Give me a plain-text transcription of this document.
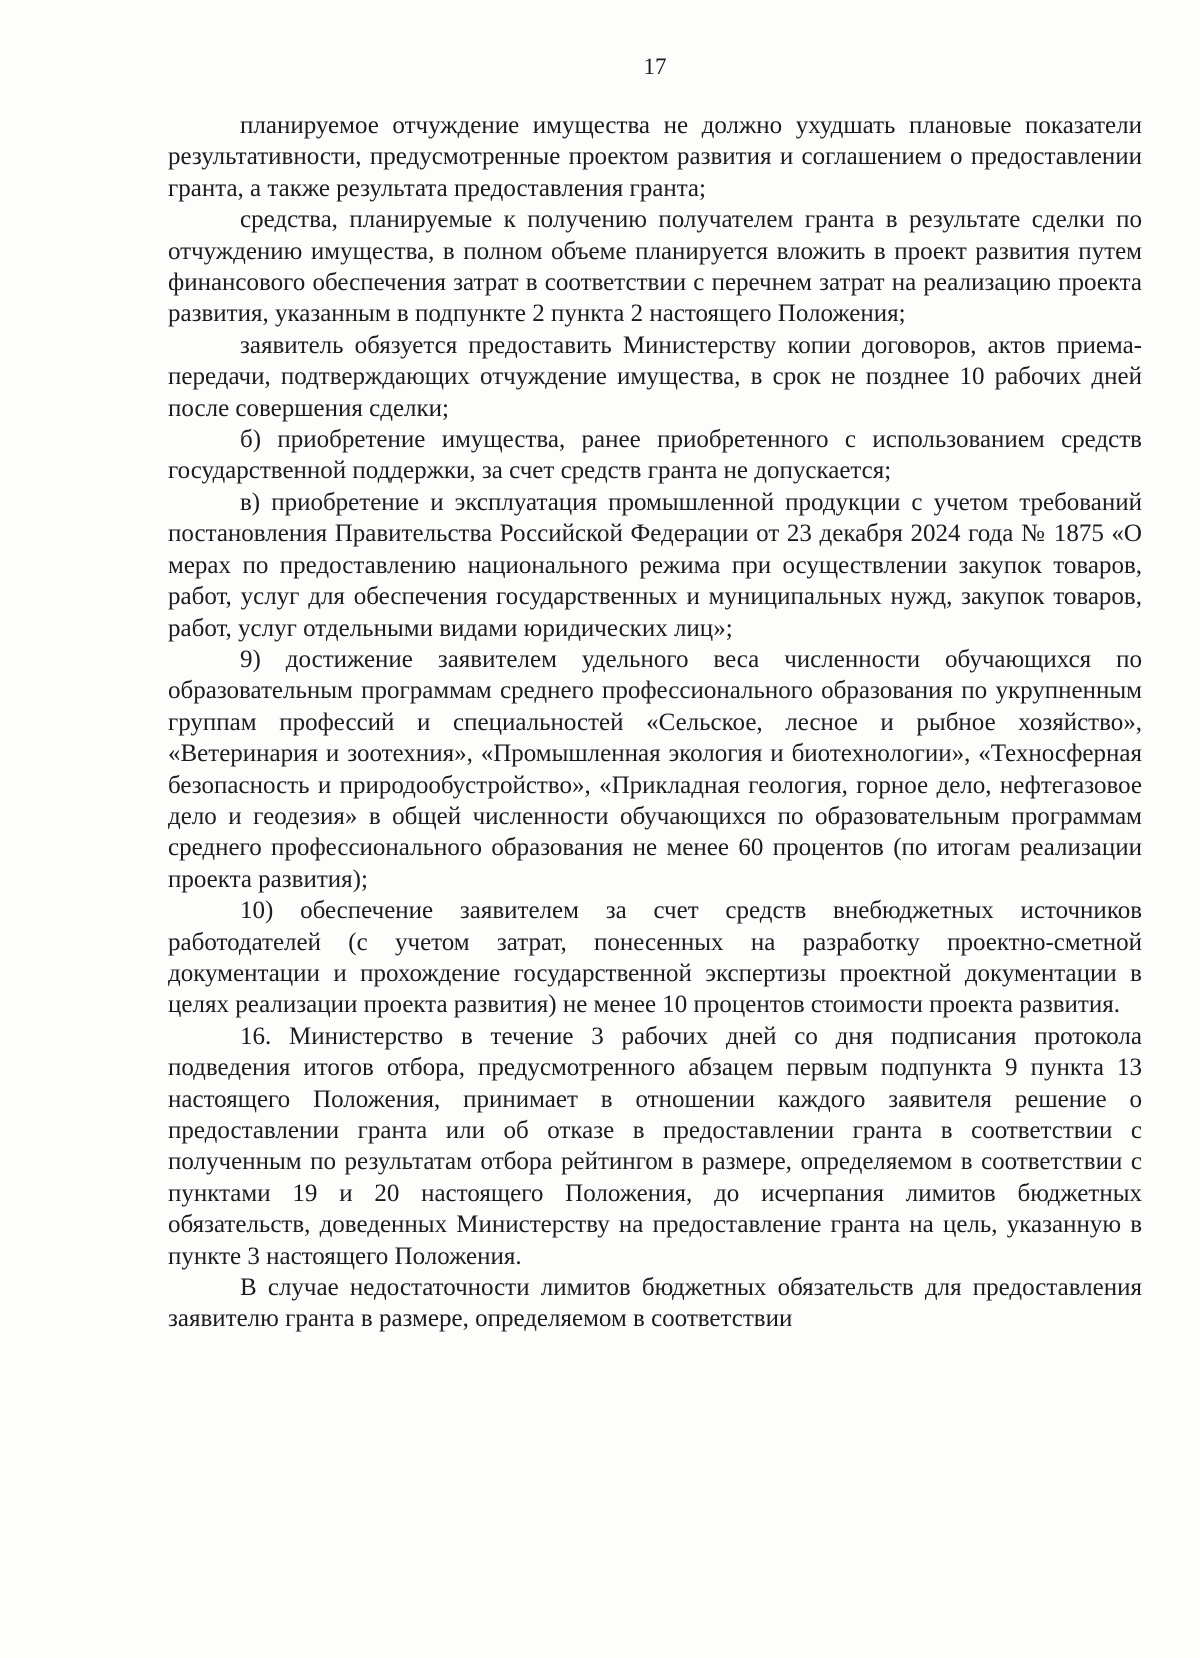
17

планируемое отчуждение имущества не должно ухудшать плановые показатели результативности, предусмотренные проектом развития и соглашением о предоставлении гранта, а также результата предоставления гранта;

средства, планируемые к получению получателем гранта в результате сделки по отчуждению имущества, в полном объеме планируется вложить в проект развития путем финансового обеспечения затрат в соответствии с перечнем затрат на реализацию проекта развития, указанным в подпункте 2 пункта 2 настоящего Положения;

заявитель обязуется предоставить Министерству копии договоров, актов приема-передачи, подтверждающих отчуждение имущества, в срок не позднее 10 рабочих дней после совершения сделки;

б) приобретение имущества, ранее приобретенного с использованием средств государственной поддержки, за счет средств гранта не допускается;

в) приобретение и эксплуатация промышленной продукции с учетом требований постановления Правительства Российской Федерации от 23 декабря 2024 года № 1875 «О мерах по предоставлению национального режима при осуществлении закупок товаров, работ, услуг для обеспечения государственных и муниципальных нужд, закупок товаров, работ, услуг отдельными видами юридических лиц»;

9) достижение заявителем удельного веса численности обучающихся по образовательным программам среднего профессионального образования по укрупненным группам профессий и специальностей «Сельское, лесное и рыбное хозяйство», «Ветеринария и зоотехния», «Промышленная экология и биотехнологии», «Техносферная безопасность и природообустройство», «Прикладная геология, горное дело, нефтегазовое дело и геодезия» в общей численности обучающихся по образовательным программам среднего профессионального образования не менее 60 процентов (по итогам реализации проекта развития);

10) обеспечение заявителем за счет средств внебюджетных источников работодателей (с учетом затрат, понесенных на разработку проектно-сметной документации и прохождение государственной экспертизы проектной документации в целях реализации проекта развития) не менее 10 процентов стоимости проекта развития.

16. Министерство в течение 3 рабочих дней со дня подписания протокола подведения итогов отбора, предусмотренного абзацем первым подпункта 9 пункта 13 настоящего Положения, принимает в отношении каждого заявителя решение о предоставлении гранта или об отказе в предоставлении гранта в соответствии с полученным по результатам отбора рейтингом в размере, определяемом в соответствии с пунктами 19 и 20 настоящего Положения, до исчерпания лимитов бюджетных обязательств, доведенных Министерству на предоставление гранта на цель, указанную в пункте 3 настоящего Положения.

В случае недостаточности лимитов бюджетных обязательств для предоставления заявителю гранта в размере, определяемом в соответствии
